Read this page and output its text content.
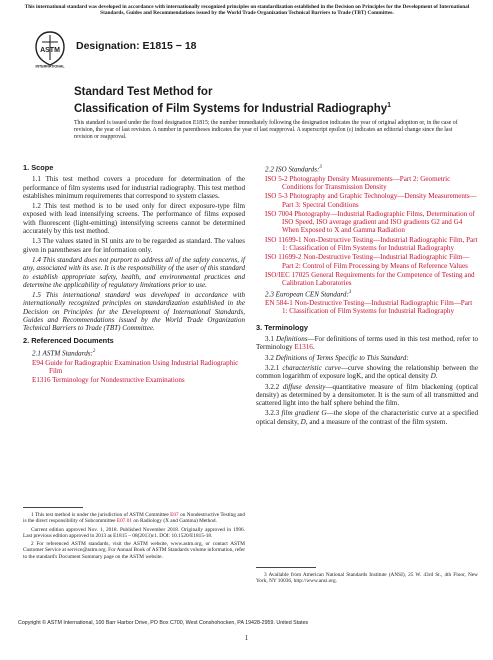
This international standard was developed in accordance with internationally recognized principles on standardization established in the Decision on Principles for the Development of International Standards, Guides and Recommendations issued by the World Trade Organization Technical Barriers to Trade (TBT) Committee.
ASTM
INTERNATIONAL
Designation: E1815 − 18
Standard Test Method for
Classification of Film Systems for Industrial Radiography$^1$
This standard is issued under the fixed designation E1815; the number immediately following the designation indicates the year of original adoption or, in the case of revision, the year of last revision. A number in parentheses indicates the year of last reapproval. A superscript epsilon (ε) indicates an editorial change since the last revision or reapproval.
1. Scope

1.1 This test method covers a procedure for determination of the performance of film systems used for industrial radiography. This test method establishes minimum requirements that correspond to system classes.

1.2 This test method is to be used only for direct exposure-type film exposed with lead intensifying screens. The performance of films exposed with fluorescent (light-emitting) intensifying screens cannot be determined accurately by this test method.

1.3 The values stated in SI units are to be regarded as standard. The values given in parentheses are for information only.

1.4 This standard does not purport to address all of the safety concerns, if any, associated with its use. It is the responsibility of the user of this standard to establish appropriate safety, health, and environmental practices and determine the applicability of regulatory limitations prior to use.

1.5 This international standard was developed in accordance with internationally recognized principles on standardization established in the Decision on Principles for the Development of International Standards, Guides and Recommendations issued by the World Trade Organization Technical Barriers to Trade (TBT) Committee.

2. Referenced Documents
2.1 ASTM Standards:$^2$
E94 Guide for Radiographic Examination Using Industrial Radiographic Film
E1316 Terminology for Nondestructive Examinations

1 This test method is under the jurisdiction of ASTM Committee E07 on Nondestructive Testing and is the direct responsibility of Subcommittee E07.01 on Radiology (X and Gamma) Method.

Current edition approved Nov. 1, 2018. Published November 2018. Originally approved in 1996. Last previous edition approved in 2013 as E1815 – 08(2013)ε1. DOI: 10.1520/E1815-18.

2 For referenced ASTM standards, visit the ASTM website, www.astm.org, or contact ASTM Customer Service at service@astm.org. For Annual Book of ASTM Standards volume information, refer to the standard's Document Summary page on the ASTM website.

2.2 ISO Standards:$^3$
ISO 5-2 Photography Density Measurements—Part 2: Geometric Conditions for Transmission Density
ISO 5-3 Photography and Graphic Technology—Density Measurements—Part 3: Spectral Conditions
ISO 7004 Photography—Industrial Radiographic Films, Determination of ISO Speed, ISO average gradient and ISO gradients G2 and G4 When Exposed to X and Gamma Radiation
ISO 11699-1 Non-Destructive Testing—Industrial Radiographic Film, Part 1: Classification of Film Systems for Industrial Radiography
ISO 11699-2 Non-Destructive Testing—Industrial Radiographic Film—Part 2: Control of Film Processing by Means of Reference Values
ISO/IEC 17025 General Requirements for the Competence of Testing and Calibration Laboratories
2.3 European CEN Standard:$^3$
EN 584-1 Non-Destructive Testing—Industrial Radiographic Film—Part 1: Classification of Film Systems for Industrial Radiography
3. Terminology

3.1 Definitions—For definitions of terms used in this test method, refer to Terminology E1316.

3.2 Definitions of Terms Specific to This Standard:

3.2.1 characteristic curve—curve showing the relationship between the common logarithm of exposure logK, and the optical density D.

3.2.2 diffuse density—quantitative measure of film blackening (optical density) as determined by a densitometer. It is the sum of all transmitted and scattered light into the half sphere behind the film.

3.2.3 film gradient G—the slope of the characteristic curve at a specified optical density, D, and a measure of the contrast of the film system.

3 Available from American National Standards Institute (ANSI), 25 W. 43rd St., 4th Floor, New York, NY 10036, http://www.ansi.org.

Copyright © ASTM International, 100 Barr Harbor Drive, PO Box C700, West Conshohocken, PA 19428-2959. United States
1
